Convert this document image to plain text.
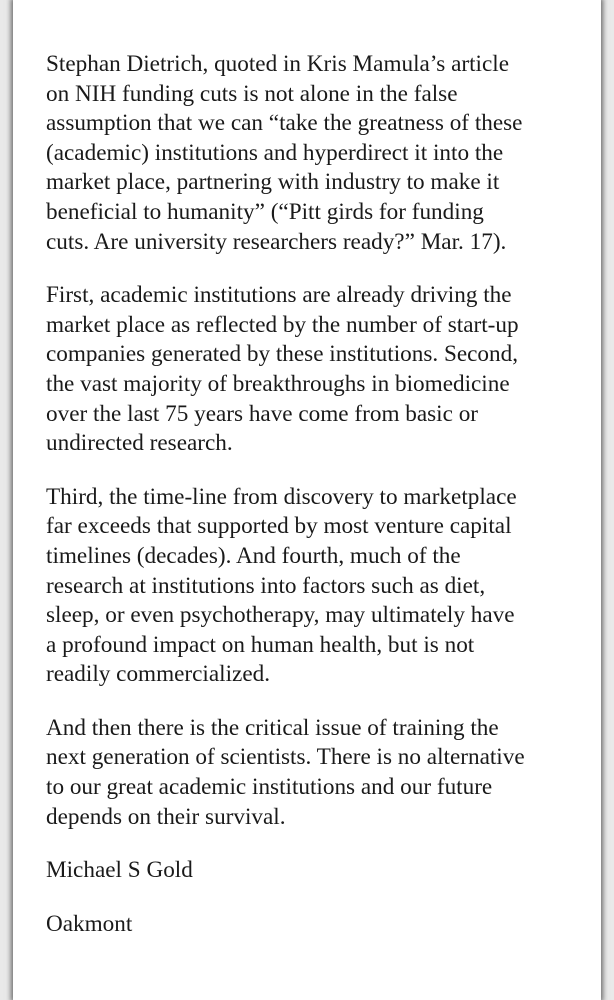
Stephan Dietrich, quoted in Kris Mamula’s article
on NIH funding cuts is not alone in the false
assumption that we can “take the greatness of these
(academic) institutions and hyperdirect it into the
market place, partnering with industry to make it
beneficial to humanity” (“Pitt girds for funding
cuts. Are university researchers ready?” Mar. 17).

First, academic institutions are already driving the
market place as reflected by the number of start-up
companies generated by these institutions. Second,
the vast majority of breakthroughs in biomedicine
over the last 75 years have come from basic or
undirected research.

Third, the time-line from discovery to marketplace
far exceeds that supported by most venture capital
timelines (decades). And fourth, much of the
research at institutions into factors such as diet,
sleep, or even psychotherapy, may ultimately have
a profound impact on human health, but is not
readily commercialized.

And then there is the critical issue of training the
next generation of scientists. There is no alternative
to our great academic institutions and our future
depends on their survival.

Michael S Gold

Oakmont
